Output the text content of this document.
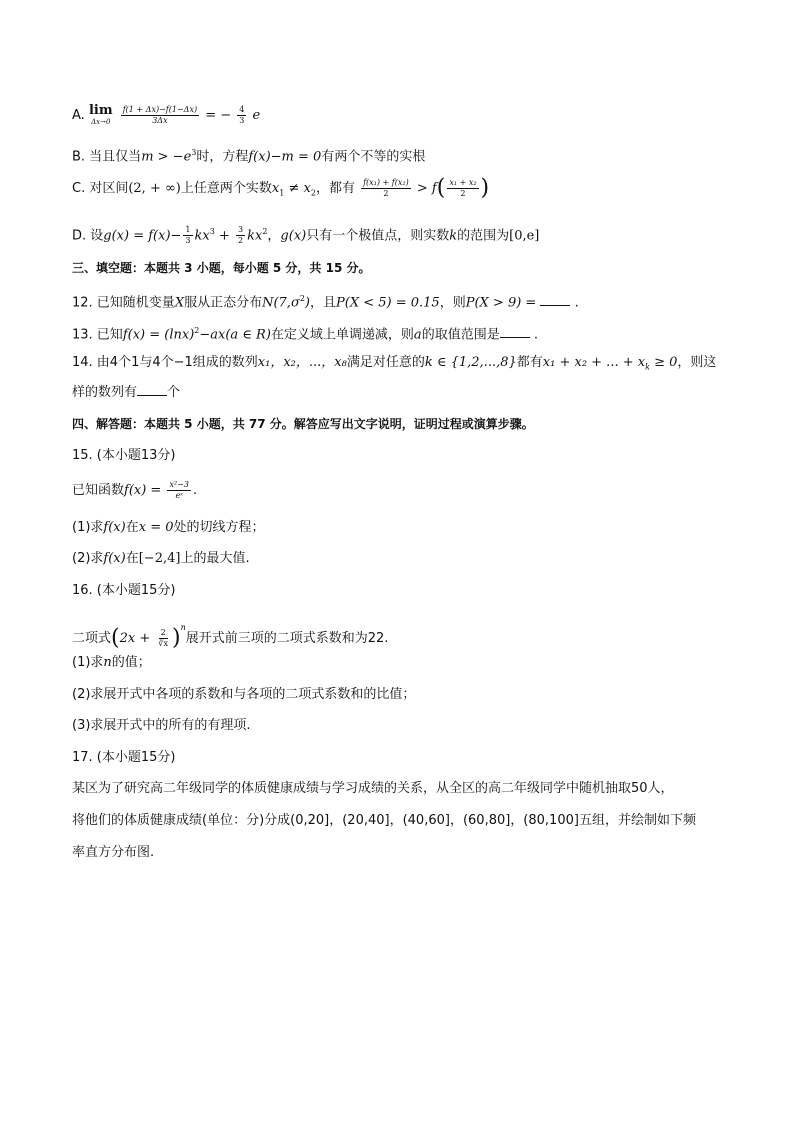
A. lim
Δx→0
$\frac{f(1 + \Delta x)-f(1-\Delta x)}{3\Delta x}$ = − $\frac{4}{3}$ e
B. 当且仅当$m > -e^3$时，方程f(x)−m = 0有两个不等的实根
C. 对区间(2, + ∞)上任意两个实数$x_1 \ne x_2$，都有 $\frac{\text{f(x₁) + f(x₂)}}{2} > f( \frac{\text{x₁ + x₂}}{2}$ )
D. 设$g(x) = f(x)- \frac{1}{3} kx^3 + \frac{3}{2} kx^2$，g(x)只有一个极值点，则实数k的范围为[0,e]
三、填空题：本题共 3 小题，每小题 5 分，共 15 分。
12. 已知随机变量X服从正态分布$N(7,\sigma^2)$，且P(X < 5) = 0.15，则P(X > 9) =  .
13. 已知$f(x) = (\ln x)^2-ax(a$ ∈ R)在定义域上单调递减，则a的取值范围是 .
14. 由4个1与4个−1组成的数列x₁，x₂，...，x₈满足对任意的k ∈ {1,2,...,8}都有x₁ + x₂ + ... + $x_k \ge 0$，则这
样的数列有 个
四、解答题：本题共 5 小题，共 77 分。解答应写出文字说明，证明过程或演算步骤。
15. (本小题13分)
已知函数$f(x) = \frac{\text{x²−3}}{\text{eˣ}}$ .
(1)求f(x)在x = 0处的切线方程；
(2)求f(x)在[−2,4]上的最大值.
16. (本小题15分)
二项式$(2x + \frac{2}{∛x} )^n$展开式前三项的二项式系数和为22.
(1)求n的值；
(2)求展开式中各项的系数和与各项的二项式系数和的比值；
(3)求展开式中的所有的有理项.
17. (本小题15分)
某区为了研究高二年级同学的体质健康成绩与学习成绩的关系，从全区的高二年级同学中随机抽取50人，
将他们的体质健康成绩(单位：分)分成(0,20]，(20,40]，(40,60]，(60,80]，(80,100]五组，并绘制如下频
率直方分布图.
